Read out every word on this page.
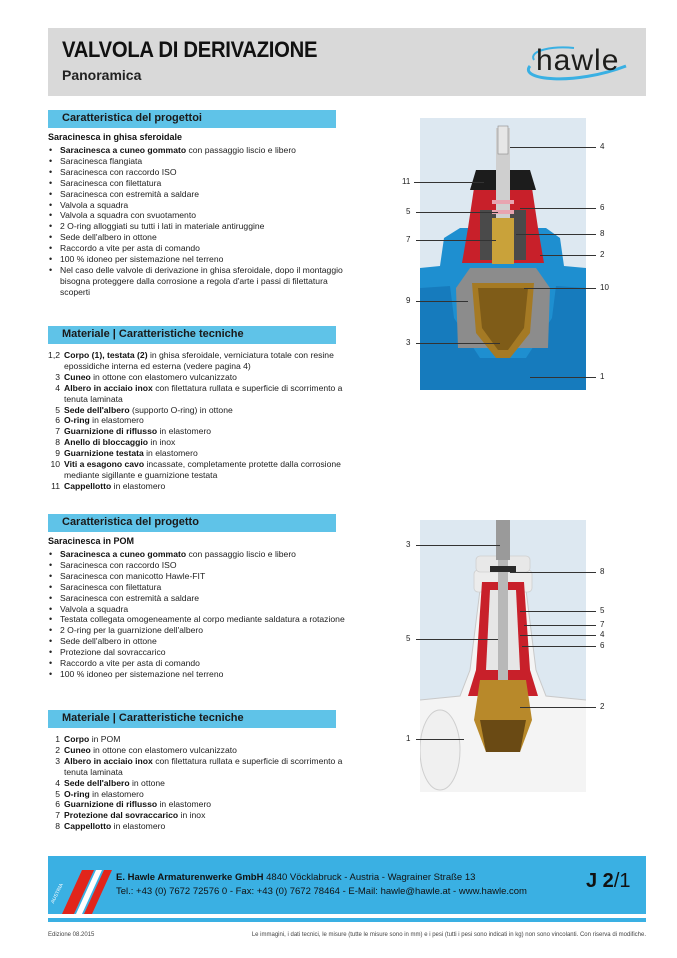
VALVOLA DI DERIVAZIONE
Panoramica	hawle
Caratteristica del progettoi
Saracinesca in ghisa sferoidale
• Saracinesca a cuneo gommato con passaggio liscio e libero
• Saracinesca flangiata
• Saracinesca con raccordo ISO
• Saracinesca con filettatura
• Saracinesca con estremità a saldare
• Valvola a squadra
• Valvola a squadra con svuotamento
• 2 O-ring alloggiati su tutti i lati in materiale antiruggine
• Sede dell'albero in ottone
• Raccordo a vite per asta di comando
• 100 % idoneo per sistemazione nel terreno
• Nel caso delle valvole di derivazione in ghisa sferoidale, dopo il montaggio bisogna proteggere dalla corrosione a regola d'arte i passi di filettatura scoperti
Materiale | Caratteristiche tecniche
1,2 Corpo (1), testata (2) in ghisa sferoidale, verniciatura totale con resine epossidiche interna ed esterna (vedere pagina 4)
3 Cuneo in ottone con elastomero vulcanizzato
4 Albero in acciaio inox con filettatura rullata e superficie di scorrimento a tenuta laminata
5 Sede dell'albero (supporto O-ring) in ottone
6 O-ring in elastomero
7 Guarnizione di riflusso in elastomero
8 Anello di bloccaggio in inox
9 Guarnizione testata in elastomero
10 Viti a esagono cavo incassate, completamente protette dalla corrosione mediante sigillante e guarnizione testata
11 Cappellotto in elastomero
Caratteristica del progetto
Saracinesca in POM
• Saracinesca a cuneo gommato con passaggio liscio e libero
• Saracinesca con raccordo ISO
• Saracinesca con manicotto Hawle-FIT
• Saracinesca con filettatura
• Saracinesca con estremità a saldare
• Valvola a squadra
• Testata collegata omogeneamente al corpo mediante saldatura a rotazione
• 2 O-ring per la guarnizione dell'albero
• Sede dell'albero in ottone
• Protezione dal sovraccarico
• Raccordo a vite per asta di comando
• 100 % idoneo per sistemazione nel terreno
Materiale | Caratteristiche tecniche
1 Corpo in POM
2 Cuneo in ottone con elastomero vulcanizzato
3 Albero in acciaio inox con filettatura rullata e superficie di scorrimento a tenuta laminata
4 Sede dell'albero in ottone
5 O-ring in elastomero
6 Guarnizione di riflusso in elastomero
7 Protezione dal sovraccarico in inox
8 Cappellotto in elastomero
4
11
6
5
8
7
2
10
9
3
1
3
8
5
7
4
5
6
2
1
AUSTRIA
E. Hawle Armaturenwerke GmbH 4840 Vöcklabruck - Austria - Wagrainer Straße 13
Tel.: +43 (0) 7672 72576 0 - Fax: +43 (0) 7672 78464 - E-Mail: hawle@hawle.at - www.hawle.com	J 2/1
Edizione 08.2015	Le immagini, i dati tecnici, le misure (tutte le misure sono in mm) e i pesi (tutti i pesi sono indicati in kg) non sono vincolanti. Con riserva di modifiche.
